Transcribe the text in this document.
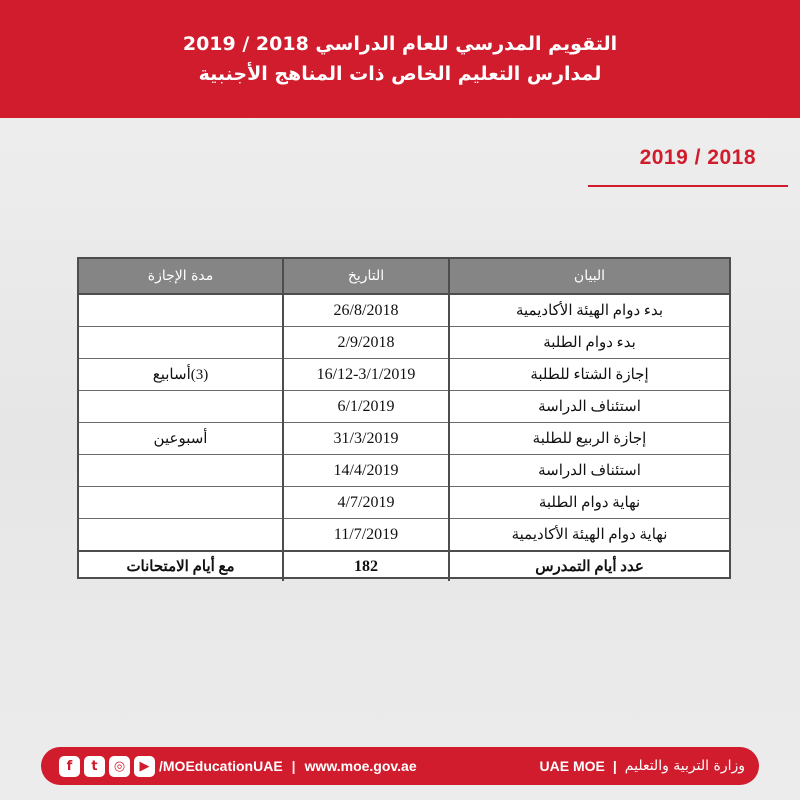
التقويم المدرسي للعام الدراسي 2018 / 2019
لمدارس التعليم الخاص ذات المناهج الأجنبية
2019 / 2018
البيان	التاريخ	مدة الإجازة
بدء دوام الهيئة الأكاديمية	26/8/2018	
بدء دوام الطلبة	2/9/2018	
إجازة الشتاء للطلبة	16/12-3/1/2019	(3)أسابيع
استئناف الدراسة	6/1/2019	
إجازة الربيع للطلبة	31/3/2019	أسبوعين
استئناف الدراسة	14/4/2019	
نهاية دوام الطلبة	4/7/2019	
نهاية دوام الهيئة الأكاديمية	11/7/2019	
عدد أيام التمدرس	182	مع أيام الامتحانات
f	t	◎	▶ /MOEducationUAE | www.moe.gov.ae	UAE MOE | وزارة التربية والتعليم
